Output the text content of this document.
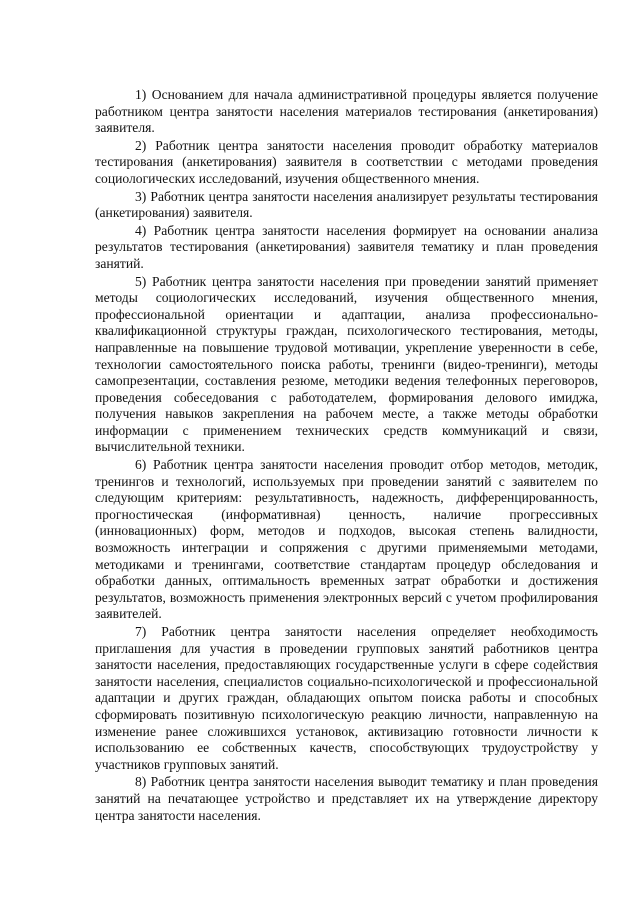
1) Основанием для начала административной процедуры является получение работником центра занятости населения материалов тестирования (анкетирования) заявителя.

2) Работник центра занятости населения проводит обработку материалов тестирования (анкетирования) заявителя в соответствии с методами проведения социологических исследований, изучения общественного мнения.

3) Работник центра занятости населения анализирует результаты тестирования (анкетирования) заявителя.

4) Работник центра занятости населения формирует на основании анализа результатов тестирования (анкетирования) заявителя тематику и план проведения занятий.

5) Работник центра занятости населения при проведении занятий применяет методы социологических исследований, изучения общественного мнения, профессиональной ориентации и адаптации, анализа профессионально-квалификационной структуры граждан, психологического тестирования, методы, направленные на повышение трудовой мотивации, укрепление уверенности в себе, технологии самостоятельного поиска работы, тренинги (видео-тренинги), методы самопрезентации, составления резюме, методики ведения телефонных переговоров, проведения собеседования с работодателем, формирования делового имиджа, получения навыков закрепления на рабочем месте, а также методы обработки информации с применением технических средств коммуникаций и связи, вычислительной техники.

6) Работник центра занятости населения проводит отбор методов, методик, тренингов и технологий, используемых при проведении занятий с заявителем по следующим критериям: результативность, надежность, дифференцированность, прогностическая (информативная) ценность, наличие прогрессивных (инновационных) форм, методов и подходов, высокая степень валидности, возможность интеграции и сопряжения с другими применяемыми методами, методиками и тренингами, соответствие стандартам процедур обследования и обработки данных, оптимальность временных затрат обработки и достижения результатов, возможность применения электронных версий с учетом профилирования заявителей.

7) Работник центра занятости населения определяет необходимость приглашения для участия в проведении групповых занятий работников центра занятости населения, предоставляющих государственные услуги в сфере содействия занятости населения, специалистов социально-психологической и профессиональной адаптации и других граждан, обладающих опытом поиска работы и способных сформировать позитивную психологическую реакцию личности, направленную на изменение ранее сложившихся установок, активизацию готовности личности к использованию ее собственных качеств, способствующих трудоустройству у участников групповых занятий.

8) Работник центра занятости населения выводит тематику и план проведения занятий на печатающее устройство и представляет их на утверждение директору центра занятости населения.
